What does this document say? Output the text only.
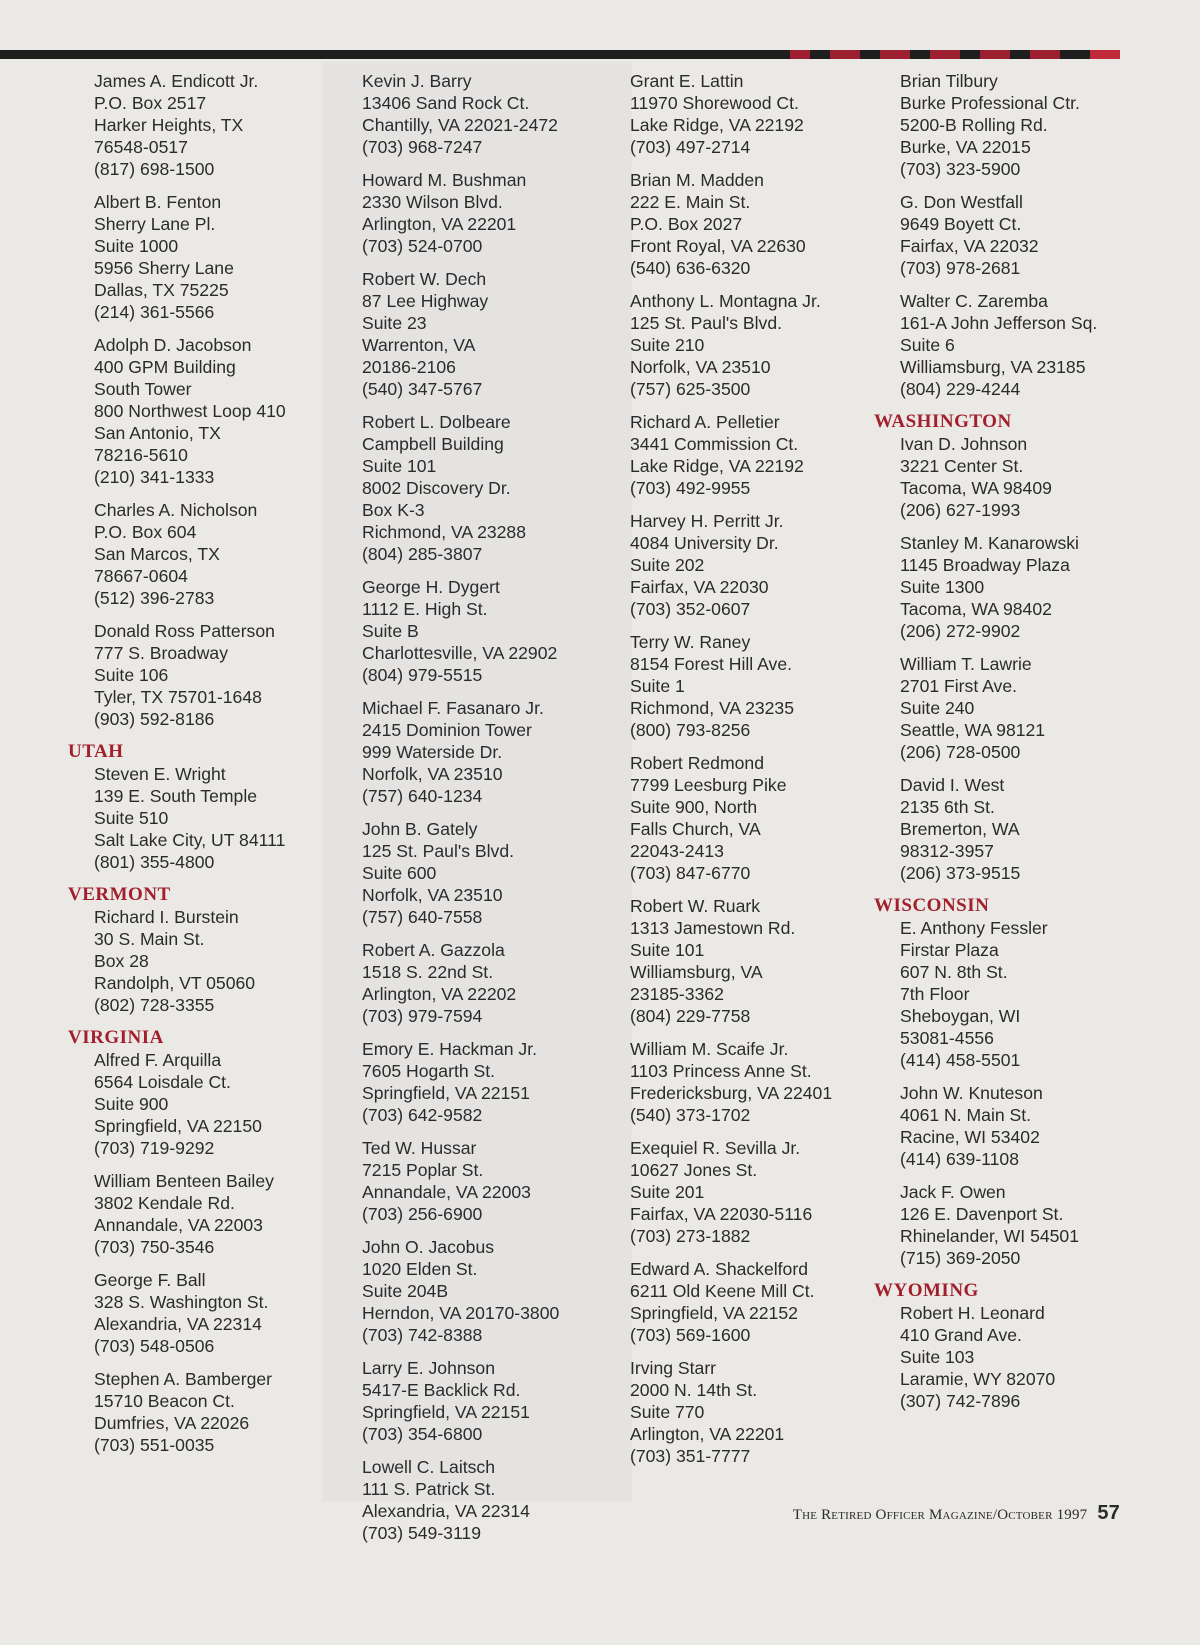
James A. Endicott Jr.
P.O. Box 2517
Harker Heights, TX
76548-0517
(817) 698-1500
Albert B. Fenton
Sherry Lane Pl.
Suite 1000
5956 Sherry Lane
Dallas, TX 75225
(214) 361-5566
Adolph D. Jacobson
400 GPM Building
South Tower
800 Northwest Loop 410
San Antonio, TX
78216-5610
(210) 341-1333
Charles A. Nicholson
P.O. Box 604
San Marcos, TX
78667-0604
(512) 396-2783
Donald Ross Patterson
777 S. Broadway
Suite 106
Tyler, TX 75701-1648
(903) 592-8186
UTAH
Steven E. Wright
139 E. South Temple
Suite 510
Salt Lake City, UT 84111
(801) 355-4800
VERMONT
Richard I. Burstein
30 S. Main St.
Box 28
Randolph, VT 05060
(802) 728-3355
VIRGINIA
Alfred F. Arquilla
6564 Loisdale Ct.
Suite 900
Springfield, VA 22150
(703) 719-9292
William Benteen Bailey
3802 Kendale Rd.
Annandale, VA 22003
(703) 750-3546
George F. Ball
328 S. Washington St.
Alexandria, VA 22314
(703) 548-0506
Stephen A. Bamberger
15710 Beacon Ct.
Dumfries, VA 22026
(703) 551-0035
Kevin J. Barry
13406 Sand Rock Ct.
Chantilly, VA 22021-2472
(703) 968-7247
Howard M. Bushman
2330 Wilson Blvd.
Arlington, VA 22201
(703) 524-0700
Robert W. Dech
87 Lee Highway
Suite 23
Warrenton, VA
20186-2106
(540) 347-5767
Robert L. Dolbeare
Campbell Building
Suite 101
8002 Discovery Dr.
Box K-3
Richmond, VA 23288
(804) 285-3807
George H. Dygert
1112 E. High St.
Suite B
Charlottesville, VA 22902
(804) 979-5515
Michael F. Fasanaro Jr.
2415 Dominion Tower
999 Waterside Dr.
Norfolk, VA 23510
(757) 640-1234
John B. Gately
125 St. Paul's Blvd.
Suite 600
Norfolk, VA 23510
(757) 640-7558
Robert A. Gazzola
1518 S. 22nd St.
Arlington, VA 22202
(703) 979-7594
Emory E. Hackman Jr.
7605 Hogarth St.
Springfield, VA 22151
(703) 642-9582
Ted W. Hussar
7215 Poplar St.
Annandale, VA 22003
(703) 256-6900
John O. Jacobus
1020 Elden St.
Suite 204B
Herndon, VA 20170-3800
(703) 742-8388
Larry E. Johnson
5417-E Backlick Rd.
Springfield, VA 22151
(703) 354-6800
Lowell C. Laitsch
111 S. Patrick St.
Alexandria, VA 22314
(703) 549-3119
Grant E. Lattin
11970 Shorewood Ct.
Lake Ridge, VA 22192
(703) 497-2714
Brian M. Madden
222 E. Main St.
P.O. Box 2027
Front Royal, VA 22630
(540) 636-6320
Anthony L. Montagna Jr.
125 St. Paul's Blvd.
Suite 210
Norfolk, VA 23510
(757) 625-3500
Richard A. Pelletier
3441 Commission Ct.
Lake Ridge, VA 22192
(703) 492-9955
Harvey H. Perritt Jr.
4084 University Dr.
Suite 202
Fairfax, VA 22030
(703) 352-0607
Terry W. Raney
8154 Forest Hill Ave.
Suite 1
Richmond, VA 23235
(800) 793-8256
Robert Redmond
7799 Leesburg Pike
Suite 900, North
Falls Church, VA
22043-2413
(703) 847-6770
Robert W. Ruark
1313 Jamestown Rd.
Suite 101
Williamsburg, VA
23185-3362
(804) 229-7758
William M. Scaife Jr.
1103 Princess Anne St.
Fredericksburg, VA 22401
(540) 373-1702
Exequiel R. Sevilla Jr.
10627 Jones St.
Suite 201
Fairfax, VA 22030-5116
(703) 273-1882
Edward A. Shackelford
6211 Old Keene Mill Ct.
Springfield, VA 22152
(703) 569-1600
Irving Starr
2000 N. 14th St.
Suite 770
Arlington, VA 22201
(703) 351-7777
Brian Tilbury
Burke Professional Ctr.
5200-B Rolling Rd.
Burke, VA 22015
(703) 323-5900
G. Don Westfall
9649 Boyett Ct.
Fairfax, VA 22032
(703) 978-2681
Walter C. Zaremba
161-A John Jefferson Sq.
Suite 6
Williamsburg, VA 23185
(804) 229-4244
WASHINGTON
Ivan D. Johnson
3221 Center St.
Tacoma, WA 98409
(206) 627-1993
Stanley M. Kanarowski
1145 Broadway Plaza
Suite 1300
Tacoma, WA 98402
(206) 272-9902
William T. Lawrie
2701 First Ave.
Suite 240
Seattle, WA 98121
(206) 728-0500
David I. West
2135 6th St.
Bremerton, WA
98312-3957
(206) 373-9515
WISCONSIN
E. Anthony Fessler
Firstar Plaza
607 N. 8th St.
7th Floor
Sheboygan, WI
53081-4556
(414) 458-5501
John W. Knuteson
4061 N. Main St.
Racine, WI 53402
(414) 639-1108
Jack F. Owen
126 E. Davenport St.
Rhinelander, WI 54501
(715) 369-2050
WYOMING
Robert H. Leonard
410 Grand Ave.
Suite 103
Laramie, WY 82070
(307) 742-7896
The Retired Officer Magazine/October 1997 57
